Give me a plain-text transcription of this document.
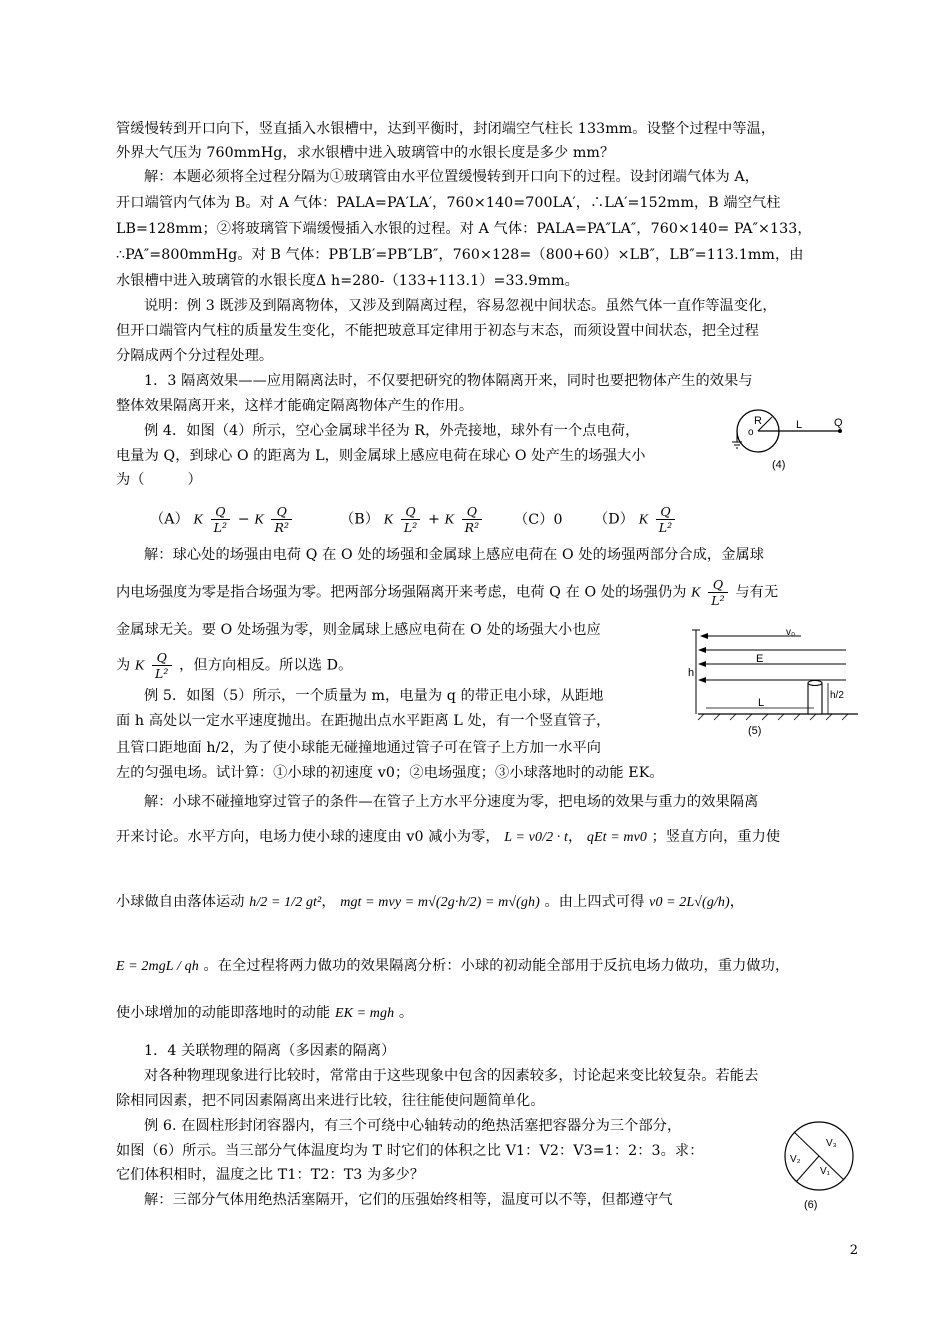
管缓慢转到开口向下，竖直插入水银槽中，达到平衡时，封闭端空气柱长 133mm。设整个过程中等温，
外界大气压为 760mmHg，求水银槽中进入玻璃管中的水银长度是多少 mm？
解：本题必须将全过程分隔为①玻璃管由水平位置缓慢转到开口向下的过程。设封闭端气体为 A，
开口端管内气体为 B。对 A 气体：PALA=PA′LA′，760×140=700LA′，∴LA′=152mm，B 端空气柱
LB=128mm；②将玻璃管下端缓慢插入水银的过程。对 A 气体：PALA=PA″LA″，760×140= PA″×133，
∴PA″=800mmHg。对 B 气体：PB′LB′=PB″LB″，760×128=（800+60）×LB″，LB″=113.1mm，由
水银槽中进入玻璃管的水银长度Δ h=280-（133+113.1）=33.9mm。
说明：例 3 既涉及到隔离物体，又涉及到隔离过程，容易忽视中间状态。虽然气体一直作等温变化，
但开口端管内气柱的质量发生变化，不能把玻意耳定律用于初态与末态，而须设置中间状态，把全过程
分隔成两个分过程处理。
1．3 隔离效果——应用隔离法时，不仅要把研究的物体隔离开来，同时也要把物体产生的效果与
整体效果隔离开来，这样才能确定隔离物体产生的作用。
例 4．如图（4）所示，空心金属球半径为 R，外壳接地，球外有一个点电荷，
电量为 Q，到球心 O 的距离为 L，则金属球上感应电荷在球心 O 处产生的场强大小
为（　　　）
R
o
L	Q
(4)
（A） K $\frac{Q}{\text{L²}} - K \frac{Q}{\text{R²}}$	（B） K $\frac{Q}{\text{L²}} + K \frac{Q}{\text{R²}} (C)0$ （D） K $\frac{Q}{\text{L²}}$
解：球心处的场强由电荷 Q 在 O 处的场强和金属球上感应电荷在 O 处的场强两部分合成，金属球
内电场强度为零是指合场强为零。把两部分场强隔离开来考虑，电荷 Q 在 O 处的场强仍为 K $\frac{Q}{\text{L²}}$ 与有无
金属球无关。要 O 处场强为零，则金属球上感应电荷在 O 处的场强大小也应
为 K $\frac{Q}{\text{L²}}$ ，但方向相反。所以选 D。
v₀
E
h
L
h/2
(5)
例 5．如图（5）所示，一个质量为 m，电量为 q 的带正电小球，从距地
面 h 高处以一定水平速度抛出。在距抛出点水平距离 L 处，有一个竖直管子，
且管口距地面 h/2，为了使小球能无碰撞地通过管子可在管子上方加一水平向
左的匀强电场。试计算：①小球的初速度 v0；②电场强度；③小球落地时的动能 EK。
解：小球不碰撞地穿过管子的条件—在管子上方水平分速度为零，把电场的效果与重力的效果隔离
开来讨论。水平方向，电场力使小球的速度由 v0 减小为零， L = v0/2 · t， qEt = mv0 ；竖直方向，重力使
小球做自由落体运动 h/2 = 1/2 gt²， mgt = mvy = m√(2g·h/2) = m√(gh) 。由上四式可得 v0 = 2L√(g/h)，
E = 2mgL / qh 。在全过程将两力做功的效果隔离分析：小球的初动能全部用于反抗电场力做功，重力做功，
使小球增加的动能即落地时的动能 EK = mgh 。
1．4 关联物理的隔离（多因素的隔离）
对各种物理现象进行比较时，常常由于这些现象中包含的因素较多，讨论起来变比较复杂。若能去
除相同因素，把不同因素隔离出来进行比较，往往能使问题简单化。
例 6. 在圆柱形封闭容器内，有三个可绕中心轴转动的绝热活塞把容器分为三个部分，
如图（6）所示。当三部分气体温度均为 T 时它们的体积之比 V1：V2：V3=1：2：3。求：
它们体积相时，温度之比 T1：T2：T3 为多少？
解：三部分气体用绝热活塞隔开，它们的压强始终相等，温度可以不等，但都遵守气
V₃
V₂
V₁
(6)
2
